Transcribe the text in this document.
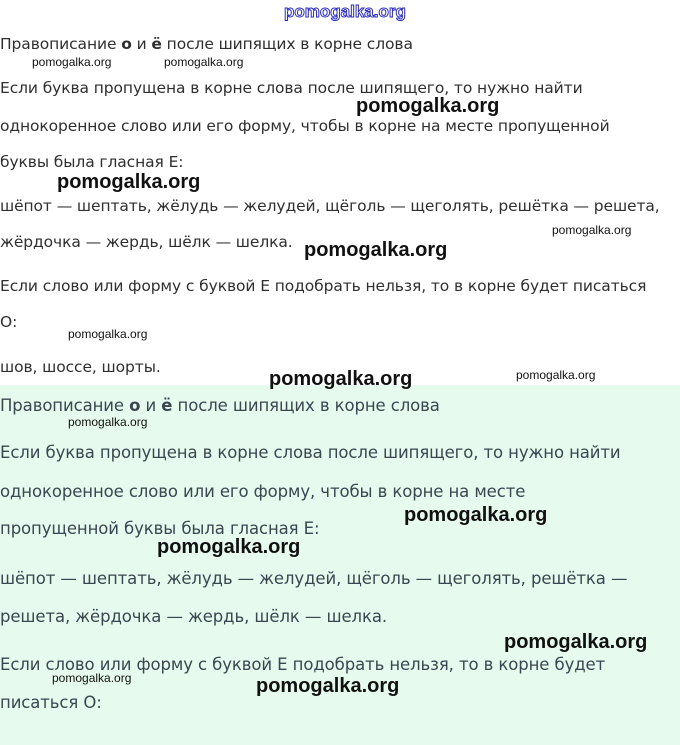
pomogalka.org
Правописание о и ё после шипящих в корне слова
Если буква пропущена в корне слова после шипящего, то нужно найти
однокоренное слово или его форму, чтобы в корне на месте пропущенной
буквы была гласная Е:
шёпот — шептать, жёлудь — желудей, щёголь — щеголять, решётка — решета,
жёрдочка — жердь, шёлк — шелка.
Если слово или форму с буквой Е подобрать нельзя, то в корне будет писаться
О:
шов, шоссе, шорты.
Правописание о и ё после шипящих в корне слова
Если буква пропущена в корне слова после шипящего, то нужно найти
однокоренное слово или его форму, чтобы в корне на месте
пропущенной буквы была гласная Е:
шёпот — шептать, жёлудь — желудей, щёголь — щеголять, решётка —
решета, жёрдочка — жердь, шёлк — шелка.
Если слово или форму с буквой Е подобрать нельзя, то в корне будет
писаться О:
pomogalka.org	pomogalka.org
pomogalka.org
pomogalka.org
pomogalka.org
pomogalka.org
pomogalka.org
pomogalka.org	pomogalka.org
pomogalka.org
pomogalka.org
pomogalka.org
pomogalka.org
pomogalka.org	pomogalka.org
